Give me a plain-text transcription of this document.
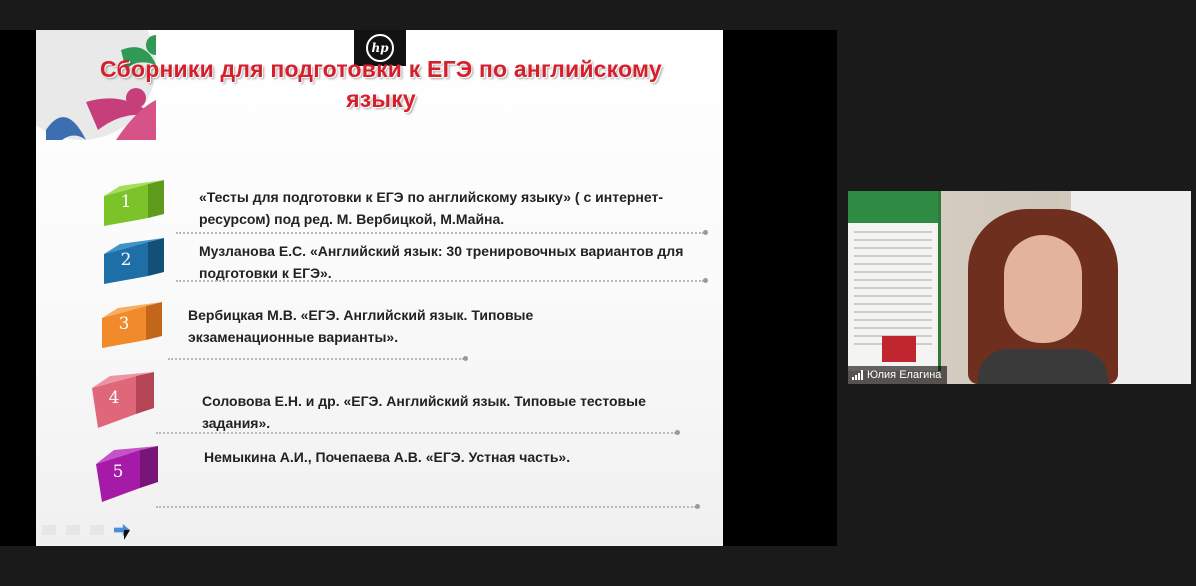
hp
Сборники для подготовки к ЕГЭ по английскому языку
1	«Тесты для подготовки к ЕГЭ по английскому языку» ( с интернет-ресурсом) под ред. М. Вербицкой, М.Майна.
2	Музланова Е.С. «Английский язык: 30 тренировочных вариантов для подготовки к ЕГЭ».
3	Вербицкая М.В. «ЕГЭ. Английский язык. Типовые экзаменационные варианты».
4	Соловова Е.Н. и др. «ЕГЭ. Английский язык. Типовые тестовые задания».
5
Немыкина А.И., Почепаева А.В. «ЕГЭ. Устная часть».
Юлия Елагина
